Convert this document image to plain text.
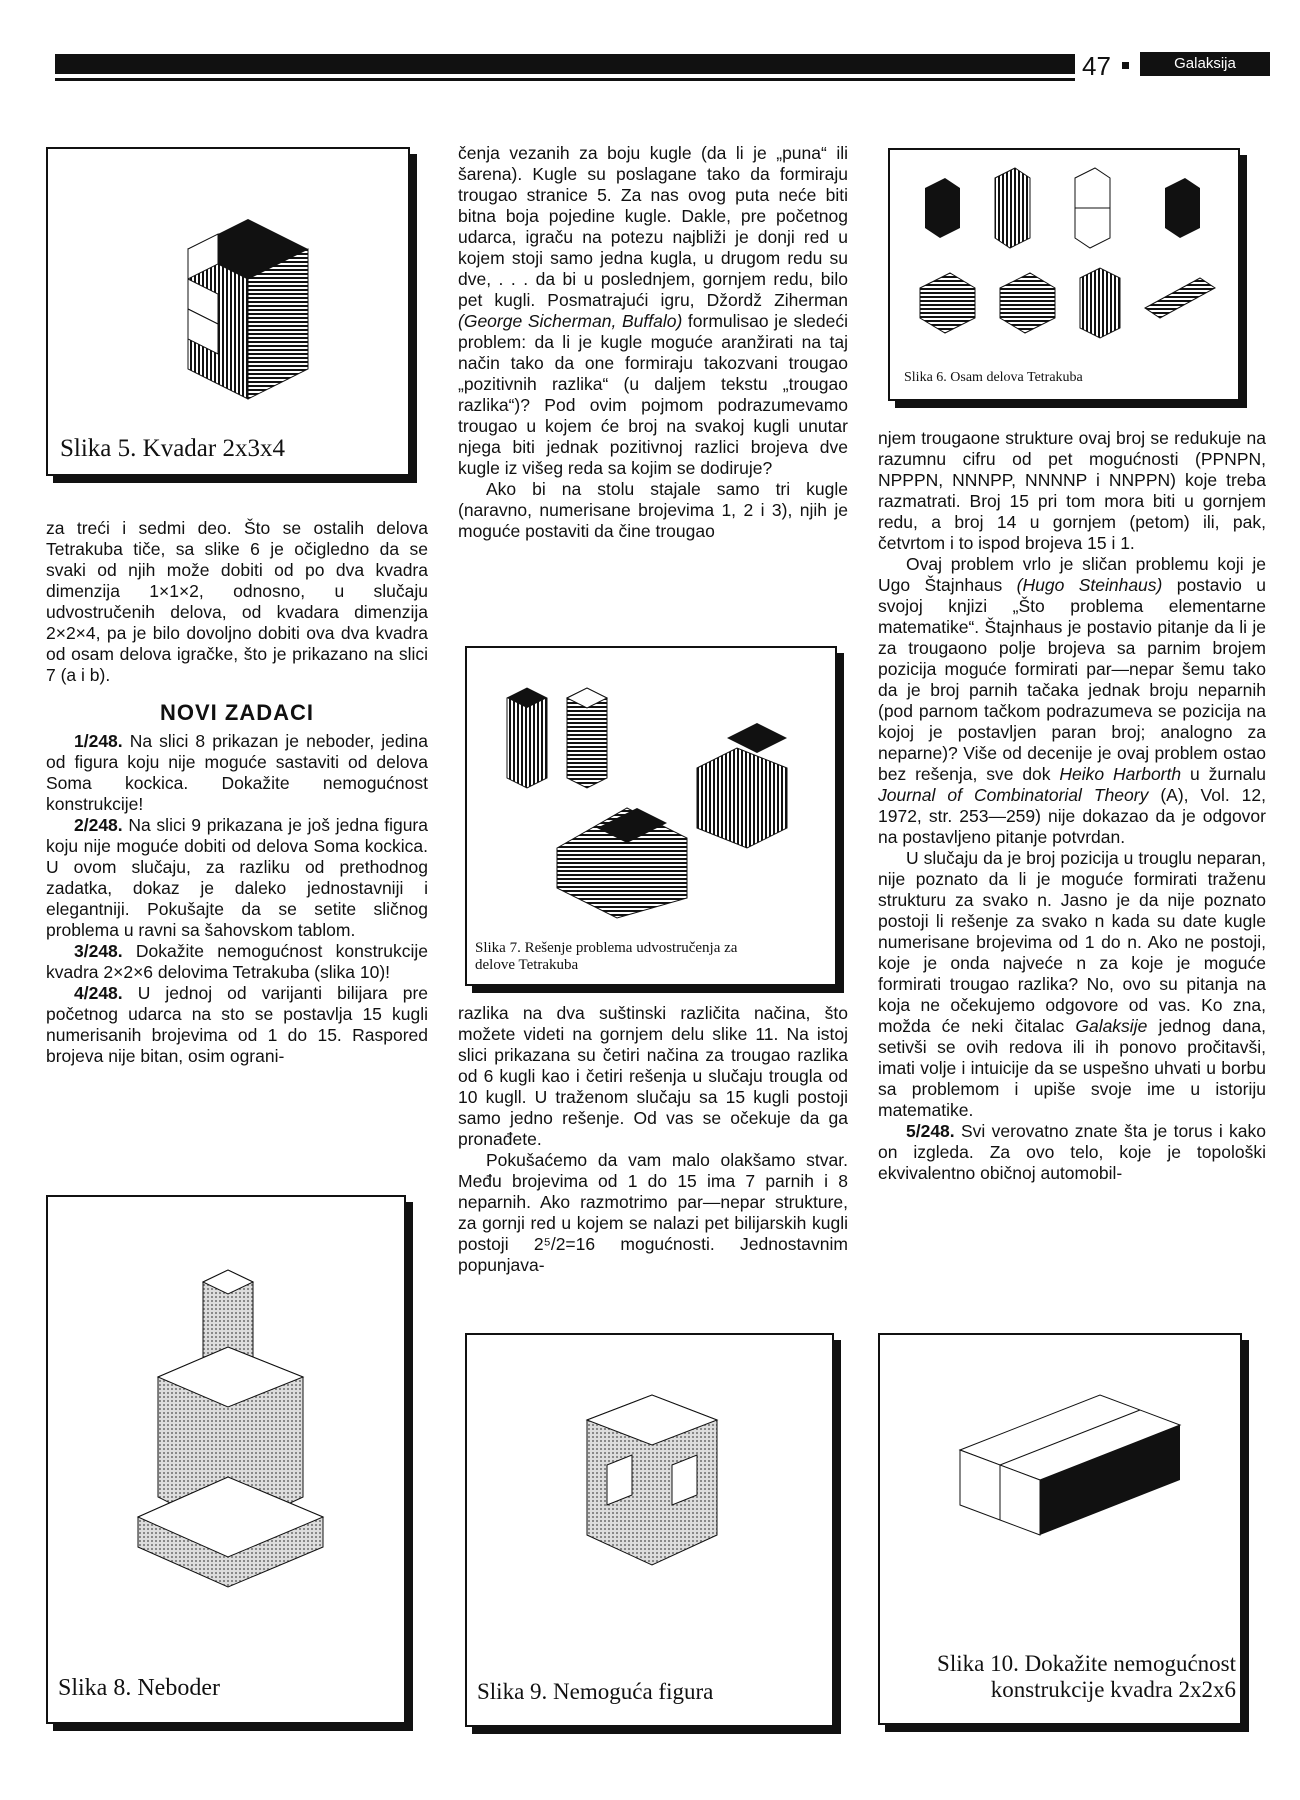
47	Galaksija
Slika 5. Kvadar 2x3x4
Slika 6. Osam delova Tetrakuba
Slika 7. Rešenje problema udvostručenja za
delove Tetrakuba
Slika 8. Neboder	Slika 9. Nemoguća figura
Slika 10. Dokažite nemogućnost
konstrukcije kvadra 2x2x6

za treći i sedmi deo. Što se ostalih delova Tetrakuba tiče, sa slike 6 je očigledno da se svaki od njih može dobiti od po dva kvadra dimenzija 1×1×2, odnosno, u slučaju udvostručenih delova, od kvadara dimenzija 2×2×4, pa je bilo dovoljno dobiti ova dva kvadra od osam delova igračke, što je prikazano na slici 7 (a i b).

NOVI ZADACI

1/248. Na slici 8 prikazan je neboder, jedina od figura koju nije moguće sastaviti od delova Soma kockica. Dokažite nemogućnost konstrukcije!

2/248. Na slici 9 prikazana je još jedna figura koju nije moguće dobiti od delova Soma kockica. U ovom slučaju, za razliku od prethodnog zadatka, dokaz je daleko jednostavniji i elegantniji. Pokušajte da se setite sličnog problema u ravni sa šahovskom tablom.

3/248. Dokažite nemogućnost konstrukcije kvadra 2×2×6 delovima Tetrakuba (slika 10)!

4/248. U jednoj od varijanti bilijara pre početnog udarca na sto se postavlja 15 kugli numerisanih brojevima od 1 do 15. Raspored brojeva nije bitan, osim ograni-

čenja vezanih za boju kugle (da li je „puna“ ili šarena). Kugle su poslagane tako da formiraju trougao stranice 5. Za nas ovog puta neće biti bitna boja pojedine kugle. Dakle, pre početnog udarca, igraču na potezu najbliži je donji red u kojem stoji samo jedna kugla, u drugom redu su dve, . . . da bi u poslednjem, gornjem redu, bilo pet kugli. Posmatrajući igru, Džordž Ziherman (George Sicherman, Buffalo) formulisao je sledeći problem: da li je kugle moguće aranžirati na taj način tako da one formiraju takozvani trougao „pozitivnih razlika“ (u daljem tekstu „trougao razlika“)? Pod ovim pojmom podrazumevamo trougao u kojem će broj na svakoj kugli unutar njega biti jednak pozitivnoj razlici brojeva dve kugle iz višeg reda sa kojim se dodiruje?

Ako bi na stolu stajale samo tri kugle (naravno, numerisane brojevima 1, 2 i 3), njih je moguće postaviti da čine trougao

razlika na dva suštinski različita načina, što možete videti na gornjem delu slike 11. Na istoj slici prikazana su četiri načina za trougao razlika od 6 kugli kao i četiri rešenja u slučaju trougla od 10 kugll. U traženom slučaju sa 15 kugli postoji samo jedno rešenje. Od vas se očekuje da ga pronađete.

Pokušaćemo da vam malo olakšamo stvar. Među brojevima od 1 do 15 ima 7 parnih i 8 neparnih. Ako razmotrimo par—nepar strukture, za gornji red u kojem se nalazi pet bilijarskih kugli postoji 2⁵/2=16 mogućnosti. Jednostavnim popunjava-

njem trougaone strukture ovaj broj se redukuje na razumnu cifru od pet mogućnosti (PPNPN, NPPPN, NNNPP, NNNNP i NNPPN) koje treba razmatrati. Broj 15 pri tom mora biti u gornjem redu, a broj 14 u gornjem (petom) ili, pak, četvrtom i to ispod brojeva 15 i 1.

Ovaj problem vrlo je sličan problemu koji je Ugo Štajnhaus (Hugo Steinhaus) postavio u svojoj knjizi „Što problema elementarne matematike“. Štajnhaus je postavio pitanje da li je za trougaono polje brojeva sa parnim brojem pozicija moguće formirati par—nepar šemu tako da je broj parnih tačaka jednak broju neparnih (pod parnom tačkom podrazumeva se pozicija na kojoj je postavljen paran broj; analogno za neparne)? Više od decenije je ovaj problem ostao bez rešenja, sve dok Heiko Harborth u žurnalu Journal of Combinatorial Theory (A), Vol. 12, 1972, str. 253—259) nije dokazao da je odgovor na postavljeno pitanje potvrdan.

U slučaju da je broj pozicija u trouglu neparan, nije poznato da li je moguće formirati traženu strukturu za svako n. Jasno je da nije poznato postoji li rešenje za svako n kada su date kugle numerisane brojevima od 1 do n. Ako ne postoji, koje je onda najveće n za koje je moguće formirati trougao razlika? No, ovo su pitanja na koja ne očekujemo odgovore od vas. Ko zna, možda će neki čitalac Galaksije jednog dana, setivši se ovih redova ili ih ponovo pročitavši, imati volje i intuicije da se uspešno uhvati u borbu sa problemom i upiše svoje ime u istoriju matematike.

5/248. Svi verovatno znate šta je torus i kako on izgleda. Za ovo telo, koje je topološki ekvivalentno običnoj automobil-
